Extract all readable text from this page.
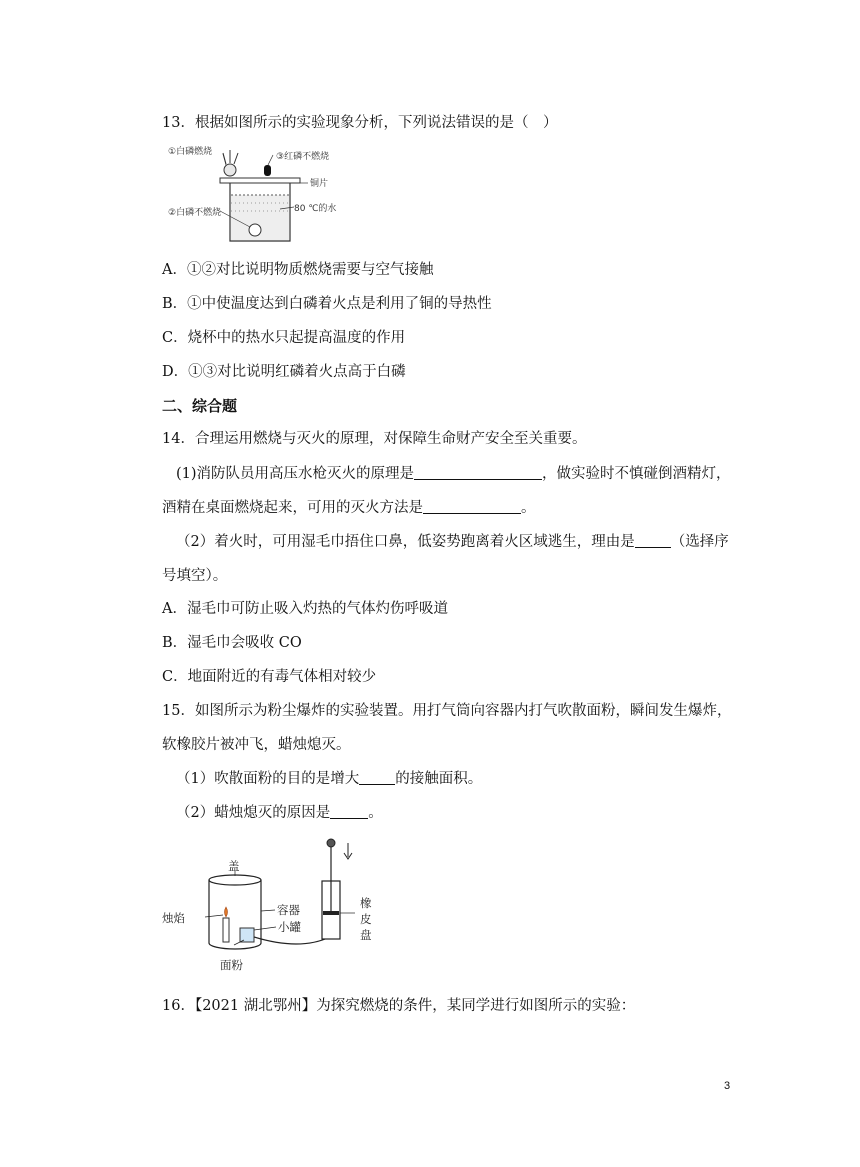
13．根据如图所示的实验现象分析，下列说法错误的是（　）
①白磷燃烧	③红磷不燃烧
铜片
②白磷不燃烧	80 ℃的水
A．①②对比说明物质燃烧需要与空气接触
B．①中使温度达到白磷着火点是利用了铜的导热性
C．烧杯中的热水只起提高温度的作用
D．①③对比说明红磷着火点高于白磷
二、综合题
14．合理运用燃烧与灭火的原理，对保障生命财产安全至关重要。
(1)消防队员用高压水枪灭火的原理是	，做实验时不慎碰倒酒精灯，
酒精在桌面燃烧起来，可用的灭火方法是	。
（2）着火时，可用湿毛巾捂住口鼻，低姿势跑离着火区域逃生，理由是 （选择序
号填空）。
A．湿毛巾可防止吸入灼热的气体灼伤呼吸道
B．湿毛巾会吸收 CO
C．地面附近的有毒气体相对较少
15．如图所示为粉尘爆炸的实验装置。用打气筒向容器内打气吹散面粉，瞬间发生爆炸，
软橡胶片被冲飞，蜡烛熄灭。
（1）吹散面粉的目的是增大 的接触面积。
（2）蜡烛熄灭的原因是	。
盖
烛焰
容器
小罐
面粉
橡
皮
盘
16．【2021 湖北鄂州】为探究燃烧的条件，某同学进行如图所示的实验：
3
